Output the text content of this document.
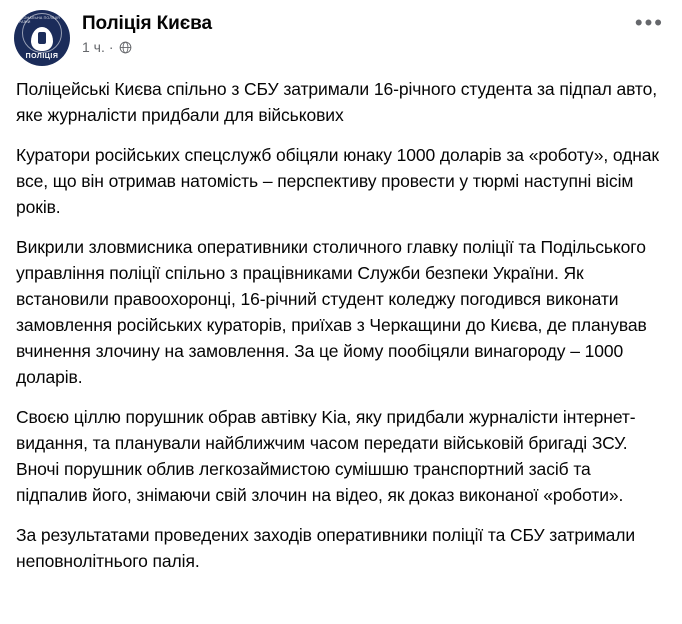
НАЦІОНАЛЬНА ПОЛІЦІЯ УКРАЇНИ
ПОЛІЦІЯ
Поліція Києва
1 ч. ·
•••

Поліцейські Києва спільно з СБУ затримали 16-річного студента за підпал авто, яке журналісти придбали для військових

Куратори російських спецслужб обіцяли юнаку 1000 доларів за «роботу», однак все, що він отримав натомість – перспективу провести у тюрмі наступні вісім років.

Викрили зловмисника оперативники столичного главку поліції та Подільського управління поліції спільно з працівниками Служби безпеки України. Як встановили правоохоронці, 16-річний студент коледжу погодився виконати замовлення російських кураторів, приїхав з Черкащини до Києва, де планував вчинення злочину на замовлення. За це йому пообіцяли винагороду – 1000 доларів.

Своєю ціллю порушник обрав автівку Kia, яку придбали журналісти інтернет-видання, та планували найближчим часом передати військовій бригаді ЗСУ. Вночі порушник облив легкозаймистою сумішшю транспортний засіб та підпалив його, знімаючи свій злочин на відео, як доказ виконаної «роботи».

За результатами проведених заходів оперативники поліції та СБУ затримали неповнолітнього палія.
